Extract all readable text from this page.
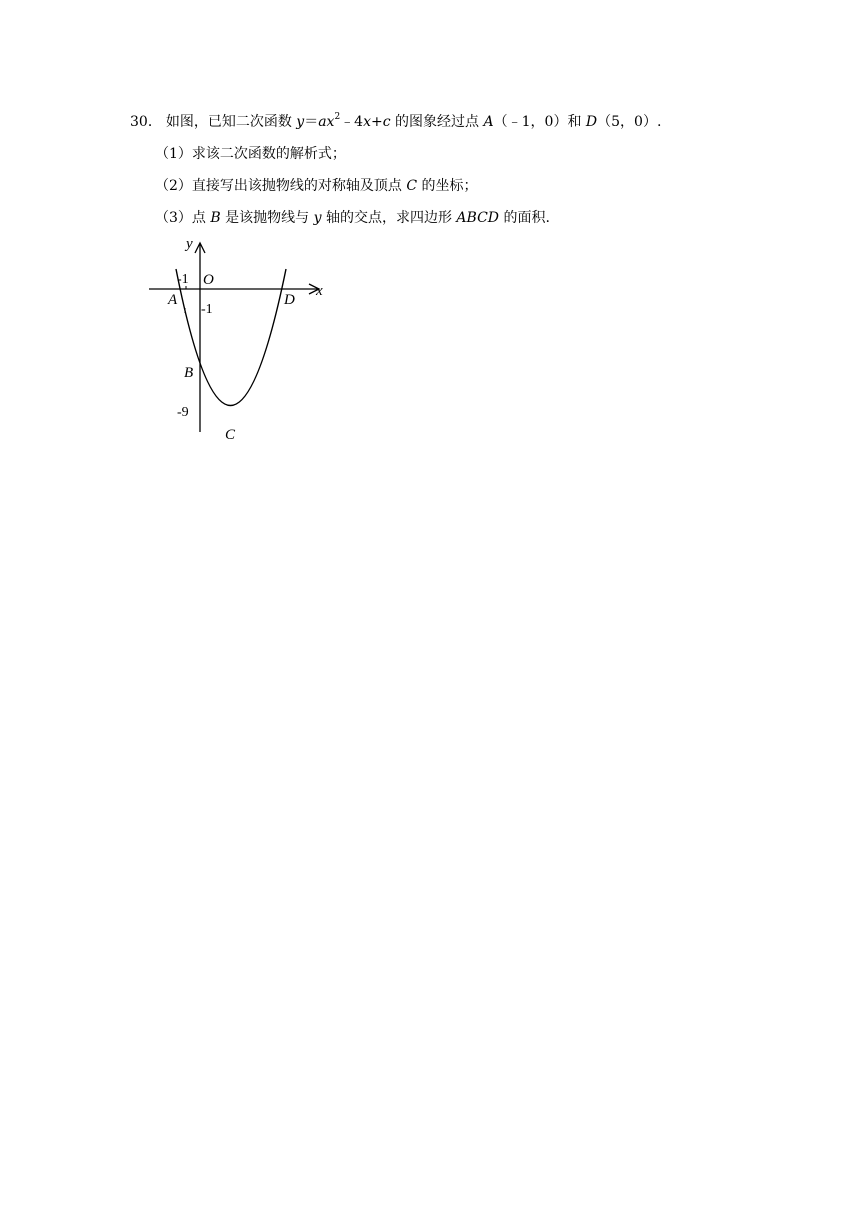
30． 如图，已知二次函数 $y=ax^2﹣4x+c$ 的图象经过点 A（﹣1，0）和 D（5，0）.
（1）求该二次函数的解析式；
（2）直接写出该抛物线的对称轴及顶点 C 的坐标；
（3）点 B 是该抛物线与 y 轴的交点，求四边形 ABCD 的面积.
y
x
-1 O
A
-1
D
B
-9
C
